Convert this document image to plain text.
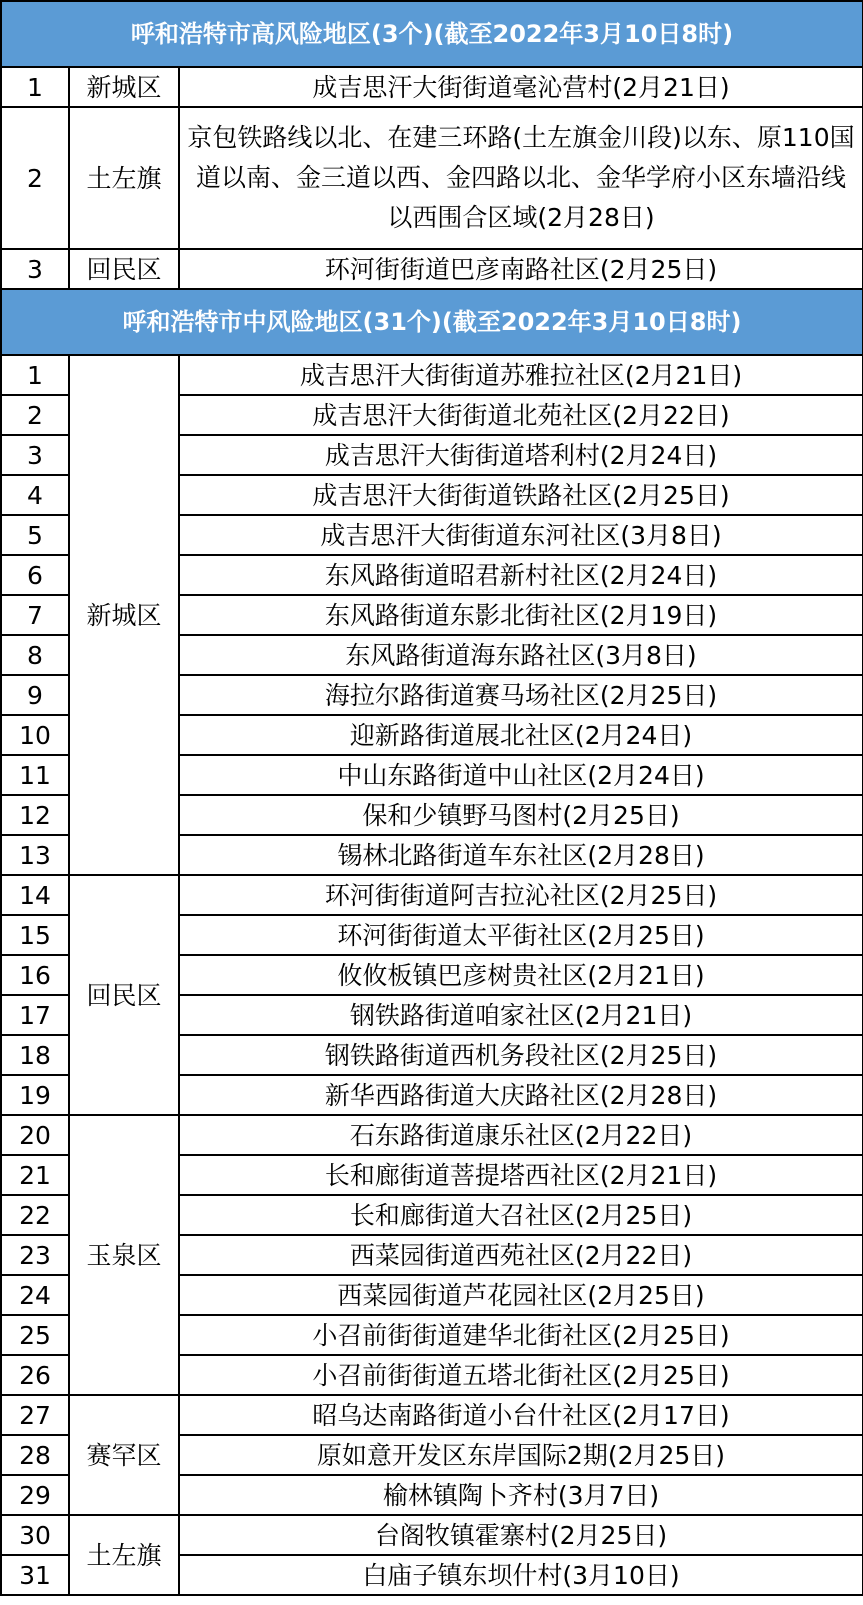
呼和浩特市高风险地区(3个)(截至2022年3月10日8时)		
1	新城区	成吉思汗大街街道毫沁营村(2月21日)
2	土左旗	京包铁路线以北、在建三环路(土左旗金川段)以东、原110国道以南、金三道以西、金四路以北、金华学府小区东墙沿线以西围合区域(2月28日)
3	回民区	环河街街道巴彦南路社区(2月25日)
呼和浩特市中风险地区(31个)(截至2022年3月10日8时)		
1	新城区	成吉思汗大街街道苏雅拉社区(2月21日)
2		成吉思汗大街街道北苑社区(2月22日)
3		成吉思汗大街街道塔利村(2月24日)
4		成吉思汗大街街道铁路社区(2月25日)
5		成吉思汗大街街道东河社区(3月8日)
6		东风路街道昭君新村社区(2月24日)
7		东风路街道东影北街社区(2月19日)
8		东风路街道海东路社区(3月8日)
9		海拉尔路街道赛马场社区(2月25日)
10		迎新路街道展北社区(2月24日)
11		中山东路街道中山社区(2月24日)
12		保和少镇野马图村(2月25日)
13		锡林北路街道车东社区(2月28日)
14	回民区	环河街街道阿吉拉沁社区(2月25日)
15		环河街街道太平街社区(2月25日)
16		攸攸板镇巴彦树贵社区(2月21日)
17		钢铁路街道咱家社区(2月21日)
18		钢铁路街道西机务段社区(2月25日)
19		新华西路街道大庆路社区(2月28日)
20	玉泉区	石东路街道康乐社区(2月22日)
21		长和廊街道菩提塔西社区(2月21日)
22		长和廊街道大召社区(2月25日)
23		西菜园街道西苑社区(2月22日)
24		西菜园街道芦花园社区(2月25日)
25		小召前街街道建华北街社区(2月25日)
26		小召前街街道五塔北街社区(2月25日)
27	赛罕区	昭乌达南路街道小台什社区(2月17日)
28		原如意开发区东岸国际2期(2月25日)
29		榆林镇陶卜齐村(3月7日)
30	土左旗	台阁牧镇霍寨村(2月25日)
31		白庙子镇东坝什村(3月10日)
